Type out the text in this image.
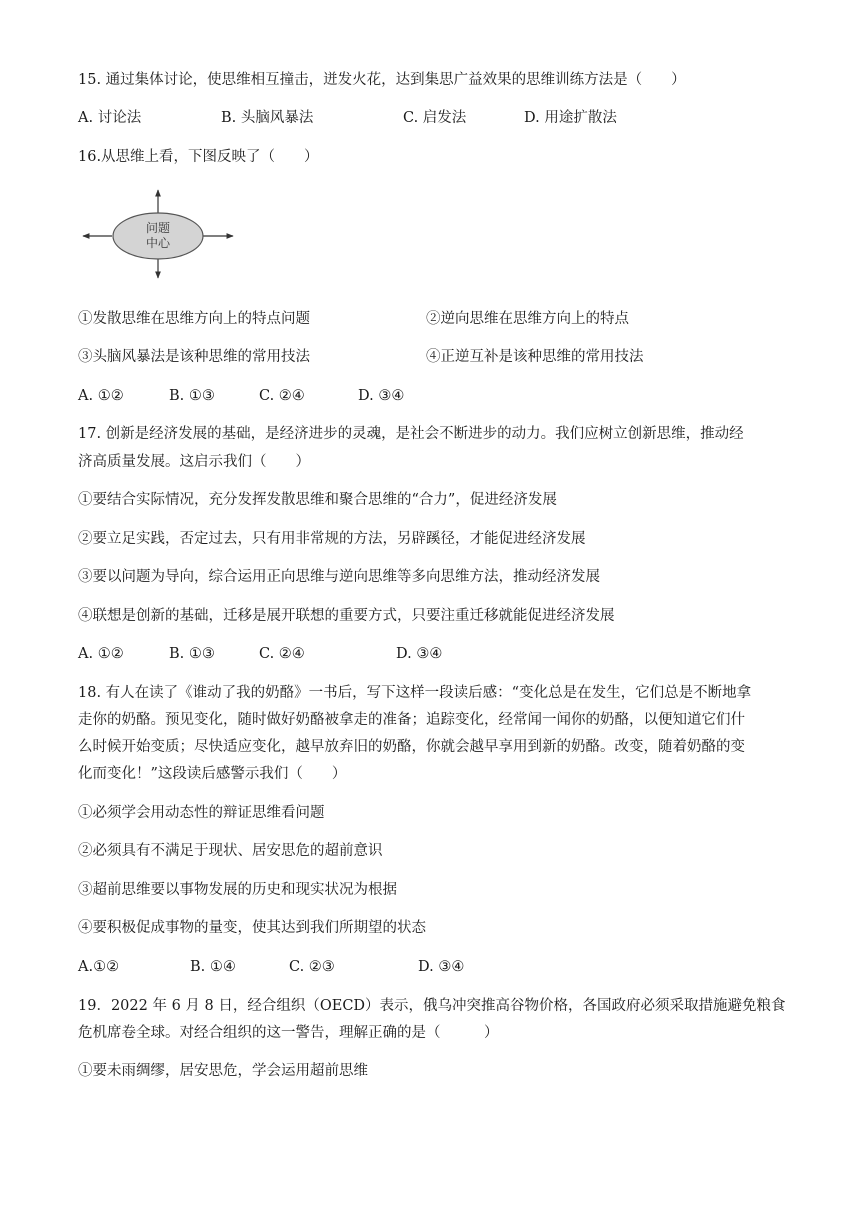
15. 通过集体讨论，使思维相互撞击，迸发火花，达到集思广益效果的思维训练方法是（　　）
A. 讨论法	B. 头脑风暴法	C. 启发法	D. 用途扩散法
16.从思维上看，下图反映了（　　）
问题
中心
①发散思维在思维方向上的特点问题	②逆向思维在思维方向上的特点
③头脑风暴法是该种思维的常用技法	④正逆互补是该种思维的常用技法
A. ①②	B. ①③	C. ②④	D. ③④
17. 创新是经济发展的基础，是经济进步的灵魂，是社会不断进步的动力。我们应树立创新思维，推动经
济高质量发展。这启示我们（　　）
①要结合实际情况，充分发挥发散思维和聚合思维的“合力”，促进经济发展
②要立足实践，否定过去，只有用非常规的方法，另辟蹊径，才能促进经济发展
③要以问题为导向，综合运用正向思维与逆向思维等多向思维方法，推动经济发展
④联想是创新的基础，迁移是展开联想的重要方式，只要注重迁移就能促进经济发展
A. ①②	B. ①③	C. ②④	D. ③④
18. 有人在读了《谁动了我的奶酪》一书后，写下这样一段读后感：“变化总是在发生，它们总是不断地拿
走你的奶酪。预见变化，随时做好奶酪被拿走的准备；追踪变化，经常闻一闻你的奶酪，以便知道它们什
么时候开始变质；尽快适应变化，越早放弃旧的奶酪，你就会越早享用到新的奶酪。改变，随着奶酪的变
化而变化！”这段读后感警示我们（　　）
①必须学会用动态性的辩证思维看问题
②必须具有不满足于现状、居安思危的超前意识
③超前思维要以事物发展的历史和现实状况为根据
④要积极促成事物的量变，使其达到我们所期望的状态
A.①②	B. ①④	C. ②③	D. ③④
19．2022 年 6 月 8 日，经合组织（OECD）表示，俄乌冲突推高谷物价格，各国政府必须采取措施避免粮食
危机席卷全球。对经合组织的这一警告，理解正确的是（　　　）
①要未雨绸缪，居安思危，学会运用超前思维
